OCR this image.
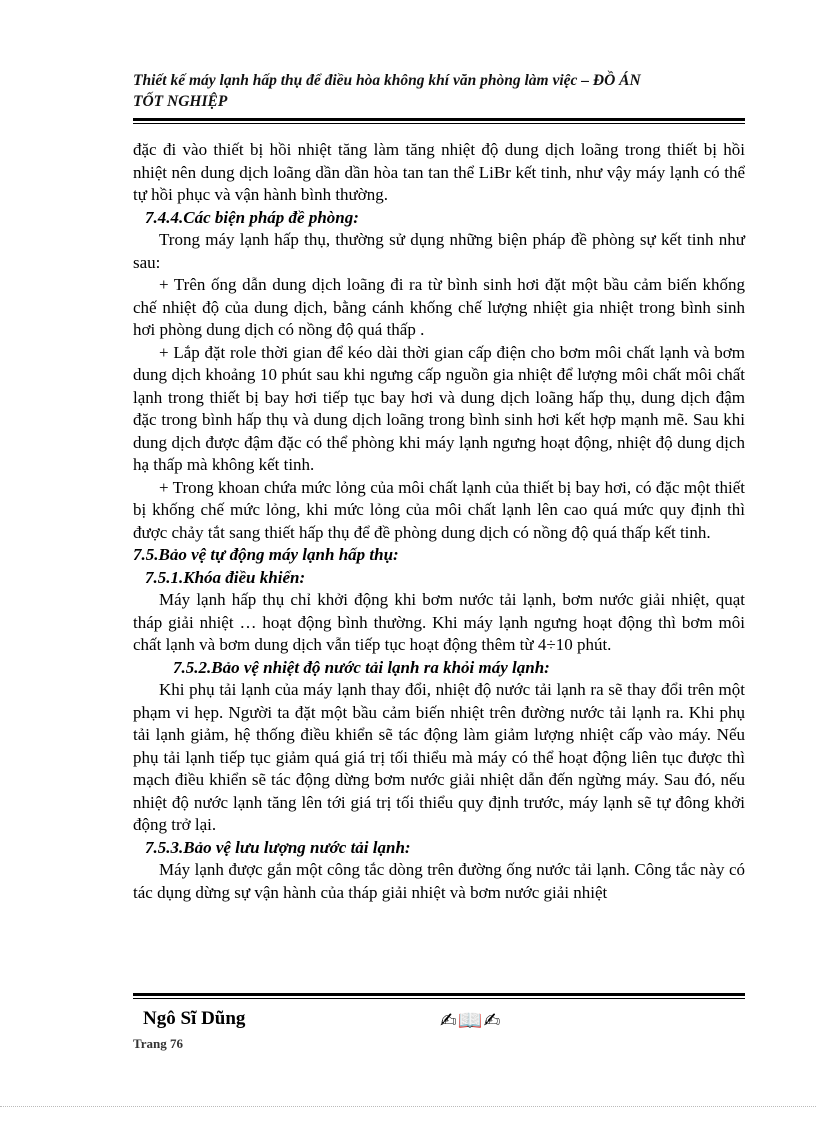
Thiết kế máy lạnh hấp thụ để điều hòa không khí văn phòng làm việc – ĐỒ ÁN
TỐT NGHIỆP

đặc đi vào thiết bị hồi nhiệt tăng làm tăng nhiệt độ dung dịch loãng trong thiết bị hồi nhiệt nên dung dịch loãng dần dần hòa tan tan thể LiBr kết tinh, như vậy máy lạnh có thể tự hồi phục và vận hành bình thường.

7.4.4.Các biện pháp đề phòng:

Trong máy lạnh hấp thụ, thường sử dụng những biện pháp đề phòng sự kết tinh như sau:

+ Trên ống dẫn dung dịch loãng đi ra từ bình sinh hơi đặt một bầu cảm biến khống chế nhiệt độ của dung dịch, bằng cánh khống chế lượng nhiệt gia nhiệt trong bình sinh hơi phòng dung dịch có nồng độ quá thấp .

+ Lắp đặt role thời gian để kéo dài thời gian cấp điện cho bơm môi chất lạnh và bơm dung dịch khoảng 10 phút sau khi ngưng cấp nguồn gia nhiệt để lượng môi chất môi chất lạnh trong thiết bị bay hơi tiếp tục bay hơi và dung dịch loãng hấp thụ, dung dịch đậm đặc trong bình hấp thụ và dung dịch loãng trong bình sinh hơi kết hợp mạnh mẽ. Sau khi dung dịch được đậm đặc có thể phòng khi máy lạnh ngưng hoạt động, nhiệt độ dung dịch hạ thấp mà không kết tinh.

+ Trong khoan chứa mức lỏng của môi chất lạnh của thiết bị bay hơi, có đặc một thiết bị khống chế mức lỏng, khi mức lỏng của môi chất lạnh lên cao quá mức quy định thì được chảy tắt sang thiết hấp thụ để đề phòng dung dịch có nồng độ quá thấp kết tinh.

7.5.Bảo vệ tự động máy lạnh hấp thụ:

7.5.1.Khóa điều khiển:

Máy lạnh hấp thụ chỉ khởi động khi bơm nước tải lạnh, bơm nước giải nhiệt, quạt tháp giải nhiệt … hoạt động bình thường. Khi máy lạnh ngưng hoạt động thì bơm môi chất lạnh và bơm dung dịch vẫn tiếp tục hoạt động thêm từ 4÷10 phút.

7.5.2.Bảo vệ nhiệt độ nước tải lạnh ra khỏi máy lạnh:

Khi phụ tải lạnh của máy lạnh thay đổi, nhiệt độ nước tải lạnh ra sẽ thay đổi trên một phạm vi hẹp. Người ta đặt một bầu cảm biến nhiệt trên đường nước tải lạnh ra. Khi phụ tải lạnh giảm, hệ thống điều khiển sẽ tác động làm giảm lượng nhiệt cấp vào máy. Nếu phụ tải lạnh tiếp tục giảm quá giá trị tối thiểu mà máy có thể hoạt động liên tục được thì mạch điều khiển sẽ tác động dừng bơm nước giải nhiệt dẫn đến ngừng máy. Sau đó, nếu nhiệt độ nước lạnh tăng lên tới giá trị tối thiểu quy định trước, máy lạnh sẽ tự đông khởi động trở lại.

7.5.3.Bảo vệ lưu lượng nước tải lạnh:

Máy lạnh được gắn một công tắc dòng trên đường ống nước tải lạnh. Công tắc này có tác dụng dừng sự vận hành của tháp giải nhiệt và bơm nước giải nhiệt

Ngô Sĩ Dũng	✍📖✍
Trang 76
